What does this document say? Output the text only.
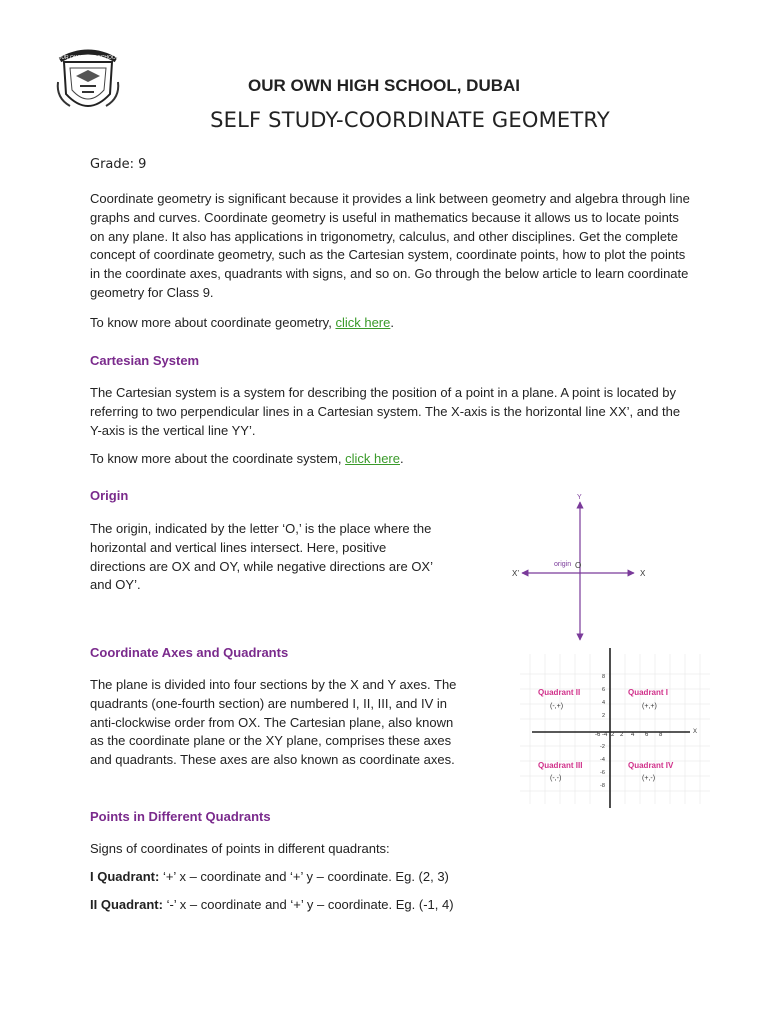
OUR OWN HIGH SCHOOL
OUR OWN HIGH SCHOOL, DUBAI
SELF STUDY-COORDINATE GEOMETRY
Grade: 9
Coordinate geometry is significant because it provides a link between geometry and algebra through line graphs and curves. Coordinate geometry is useful in mathematics because it allows us to locate points on any plane. It also has applications in trigonometry, calculus, and other disciplines. Get the complete concept of coordinate geometry, such as the Cartesian system, coordinate points, how to plot the points in the coordinate axes, quadrants with signs, and so on. Go through the below article to learn coordinate geometry for Class 9.
To know more about coordinate geometry, click here.
Cartesian System
The Cartesian system is a system for describing the position of a point in a plane. A point is located by referring to two perpendicular lines in a Cartesian system. The X-axis is the horizontal line XX’, and the Y-axis is the vertical line YY’.
To know more about the coordinate system, click here.
Origin
The origin, indicated by the letter ‘O,’ is the place where the horizontal and vertical lines intersect. Here, positive directions are OX and OY, while negative directions are OX’ and OY’.
Y
X
X’
origin O
Coordinate Axes and Quadrants
The plane is divided into four sections by the X and Y axes. The quadrants (one-fourth section) are numbered I, II, III, and IV in anti-clockwise order from OX. The Cartesian plane, also known as the coordinate plane or the XY plane, comprises these axes and quadrants. These axes are also known as coordinate axes.
X
-6 -4 -2 2 4 6 8
8
6
4
2
-2
-4
-6
-8
Quadrant II
(-,+)
Quadrant I
(+,+)
Quadrant III
(-,-)
Quadrant IV
(+,-)
Points in Different Quadrants
Signs of coordinates of points in different quadrants:
I Quadrant: ‘+’ x – coordinate and ‘+’ y – coordinate. Eg. (2, 3)
II Quadrant: ‘-’ x – coordinate and ‘+’ y – coordinate. Eg. (-1, 4)
